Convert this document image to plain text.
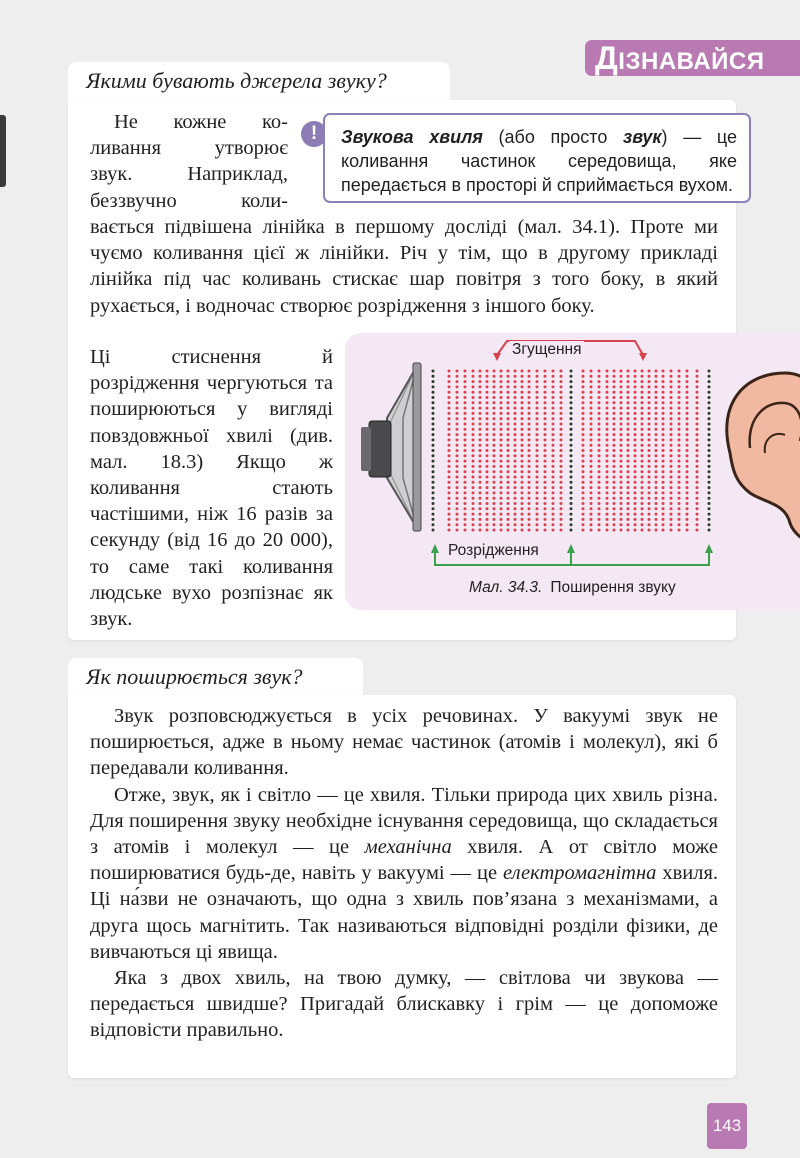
ДІЗНАВАЙСЯ
Якими бувають джерела звуку?
Не кожне ко-
ливання утворює
звук. Наприклад,
беззвучно коли-

вається підвішена лінійка в першому досліді (мал. 34.1). Проте ми чуємо коливання цієї ж лінійки. Річ у тім, що в другому прикладі лінійка під час коливань стискає шар повітря з того боку, в який рухається, і водночас створює розрідження з іншого боку.

Ці стиснення й розрідження чергуються та поширюються у вигляді повздовжньої хвилі (див. мал. 18.3) Якщо ж коливання стають частішими, ніж 16 разів за секунду (від 16 до 20 000), то саме такі коливання людське вухо розпізнає як звук.

!	Звукова хвиля (або просто звук) — це коливання частинок середовища, яке передається в просторі й сприймається вухом.
Згущення
Розрідження
Мал. 34.3. Поширення звуку
Як поширюється звук?

Звук розповсюджується в усіх речовинах. У вакуумі звук не поширюється, адже в ньому немає частинок (атомів і молекул), які б передавали коливання.

Отже, звук, як і світло — це хвиля. Тільки природа цих хвиль різна. Для поширення звуку необхідне існування середовища, що складається з атомів і молекул — це механічна хвиля. А от світло може поширюватися будь-де, навіть у вакуумі — це електромагнітна хвиля. Ці на́зви не означають, що одна з хвиль пов’язана з механізмами, а друга щось магнітить. Так називаються відповідні розділи фізики, де вивчаються ці явища.

Яка з двох хвиль, на твою думку, — світлова чи звукова — передається швидше? Пригадай блискавку і грім — це допоможе відповісти правильно.

143
